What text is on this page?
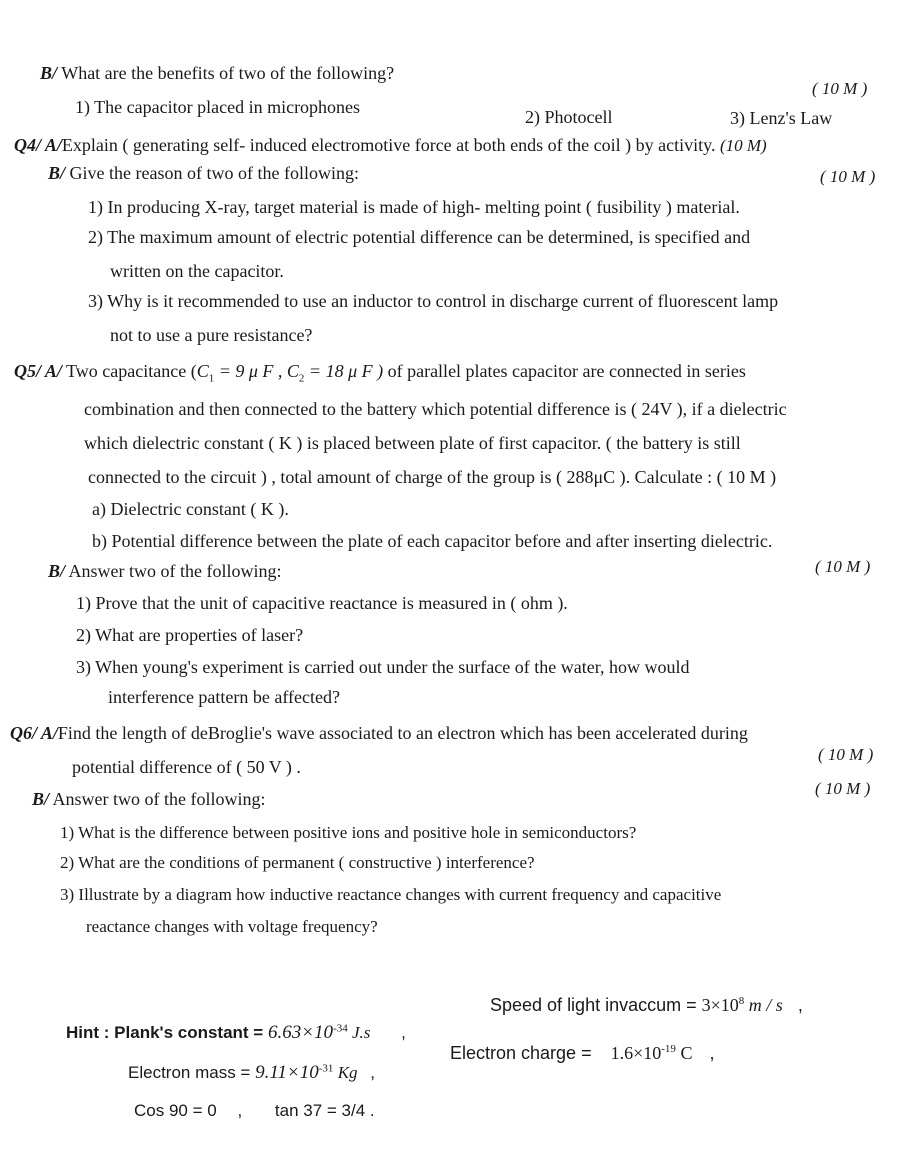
B/ What are the benefits of two of the following?
( 10 M )
1) The capacitor placed in microphones	2) Photocell	3) Lenz's Law
Q4/ A/Explain ( generating self- induced electromotive force at both ends of the coil ) by activity. (10 M)
B/ Give the reason of two of the following:	( 10 M )
1) In producing X-ray, target material is made of high- melting point ( fusibility ) material.
2) The maximum amount of electric potential difference can be determined, is specified and
written on the capacitor.
3) Why is it recommended to use an inductor to control in discharge current of fluorescent lamp
not to use a pure resistance?
Q5/ A/ Two capacitance ($C_1 = 9$ μ F , $C_2 = 18$ μ F ) of parallel plates capacitor are connected in series
combination and then connected to the battery which potential difference is ( 24V ), if a dielectric
which dielectric constant ( K ) is placed between plate of first capacitor. ( the battery is still
connected to the circuit ) , total amount of charge of the group is ( 288μC ). Calculate : ( 10 M )
a) Dielectric constant ( K ).
b) Potential difference between the plate of each capacitor before and after inserting dielectric.
B/ Answer two of the following:	( 10 M )
1) Prove that the unit of capacitive reactance is measured in ( ohm ).
2) What are properties of laser?
3) When young's experiment is carried out under the surface of the water, how would
interference pattern be affected?
Q6/ A/Find the length of deBroglie's wave associated to an electron which has been accelerated during
potential difference of ( 50 V ) .
( 10 M )
B/ Answer two of the following:
( 10 M )
1) What is the difference between positive ions and positive hole in semiconductors?
2) What are the conditions of permanent ( constructive ) interference?
3) Illustrate by a diagram how inductive reactance changes with current frequency and capacitive
reactance changes with voltage frequency?
Hint : Plank's constant = $6.63\times 10^{-34}$ J.s ,
Speed of light invaccum = $3\times 10^8$ m / s ,
Electron mass = $9.11\times 10^{-31}$ Kg ,
Electron charge = $1.6\times 10^{-19}$ C ,
Cos 90 = 0 , tan 37 = 3/4 .
